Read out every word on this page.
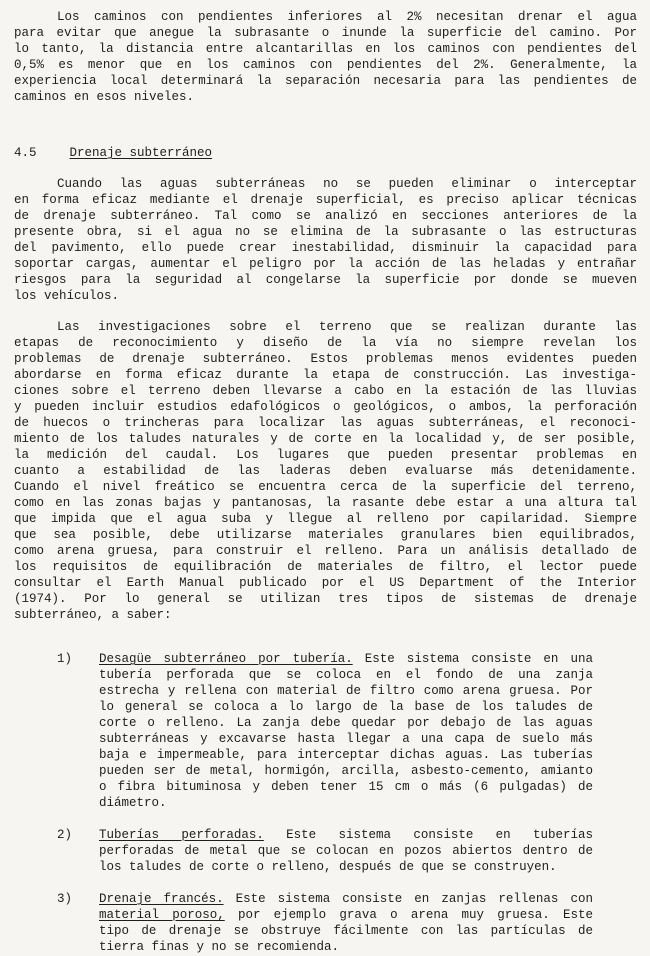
Los caminos con pendientes inferiores al 2% necesitan drenar el agua
para evitar que anegue la subrasante o inunde la superficie del camino. Por
lo tanto, la distancia entre alcantarillas en los caminos con pendientes del
0,5% es menor que en los caminos con pendientes del 2%. Generalmente, la
experiencia local determinará la separación necesaria para las pendientes de
caminos en esos niveles.
4.5	Drenaje subterráneo
Cuando las aguas subterráneas no se pueden eliminar o interceptar
en forma eficaz mediante el drenaje superficial, es preciso aplicar técnicas
de drenaje subterráneo. Tal como se analizó en secciones anteriores de la
presente obra, si el agua no se elimina de la subrasante o las estructuras
del pavimento, ello puede crear inestabilidad, disminuir la capacidad para
soportar cargas, aumentar el peligro por la acción de las heladas y entrañar
riesgos para la seguridad al congelarse la superficie por donde se mueven
los vehículos.
Las investigaciones sobre el terreno que se realizan durante las
etapas de reconocimiento y diseño de la vía no siempre revelan los
problemas de drenaje subterráneo. Estos problemas menos evidentes pueden
abordarse en forma eficaz durante la etapa de construcción. Las investiga-
ciones sobre el terreno deben llevarse a cabo en la estación de las lluvias
y pueden incluir estudios edafológicos o geológicos, o ambos, la perforación
de huecos o trincheras para localizar las aguas subterráneas, el reconoci-
miento de los taludes naturales y de corte en la localidad y, de ser posible,
la medición del caudal. Los lugares que pueden presentar problemas en
cuanto a estabilidad de las laderas deben evaluarse más detenidamente.
Cuando el nivel freático se encuentra cerca de la superficie del terreno,
como en las zonas bajas y pantanosas, la rasante debe estar a una altura tal
que impida que el agua suba y llegue al relleno por capilaridad. Siempre
que sea posible, debe utilizarse materiales granulares bien equilibrados,
como arena gruesa, para construir el relleno. Para un análisis detallado de
los requisitos de equilibración de materiales de filtro, el lector puede
consultar el Earth Manual publicado por el US Department of the Interior
(1974). Por lo general se utilizan tres tipos de sistemas de drenaje
subterráneo, a saber:
1) Desagüe subterráneo por tubería. Este sistema consiste en una
tubería perforada que se coloca en el fondo de una zanja
estrecha y rellena con material de filtro como arena gruesa. Por
lo general se coloca a lo largo de la base de los taludes de
corte o relleno. La zanja debe quedar por debajo de las aguas
subterráneas y excavarse hasta llegar a una capa de suelo más
baja e impermeable, para interceptar dichas aguas. Las tuberías
pueden ser de metal, hormigón, arcilla, asbesto-cemento, amianto
o fibra bituminosa y deben tener 15 cm o más (6 pulgadas) de
diámetro.
2) Tuberías perforadas. Este sistema consiste en tuberías
perforadas de metal que se colocan en pozos abiertos dentro de
los taludes de corte o relleno, después de que se construyen.
3) Drenaje francés. Este sistema consiste en zanjas rellenas con
material poroso, por ejemplo grava o arena muy gruesa. Este
tipo de drenaje se obstruye fácilmente con las partículas de
tierra finas y no se recomienda.
